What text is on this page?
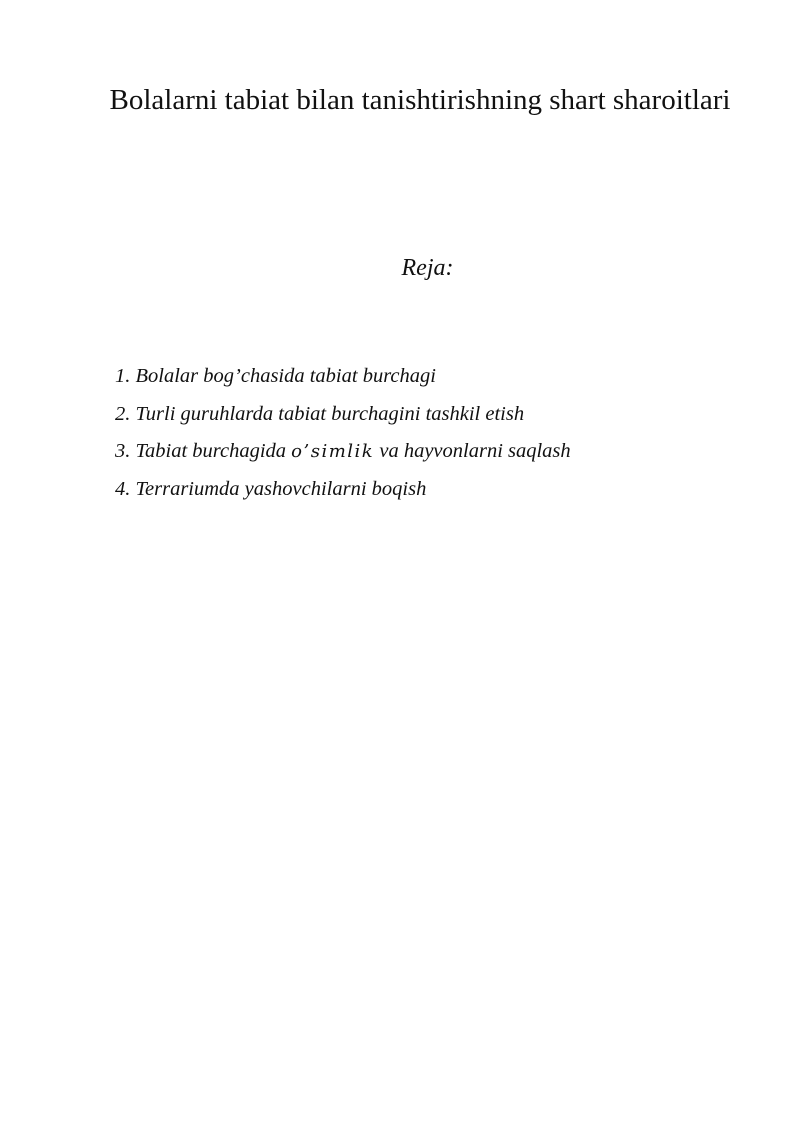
Bolalarni tabiat bilan tanishtirishning shart sharoitlari
Reja:
1. Bolalar bog’chasida tabiat burchagi
2. Turli guruhlarda tabiat burchagini tashkil etish
3. Tabiat burchagida o’simlik va hayvonlarni saqlash
4. Terrariumda yashovchilarni boqish
